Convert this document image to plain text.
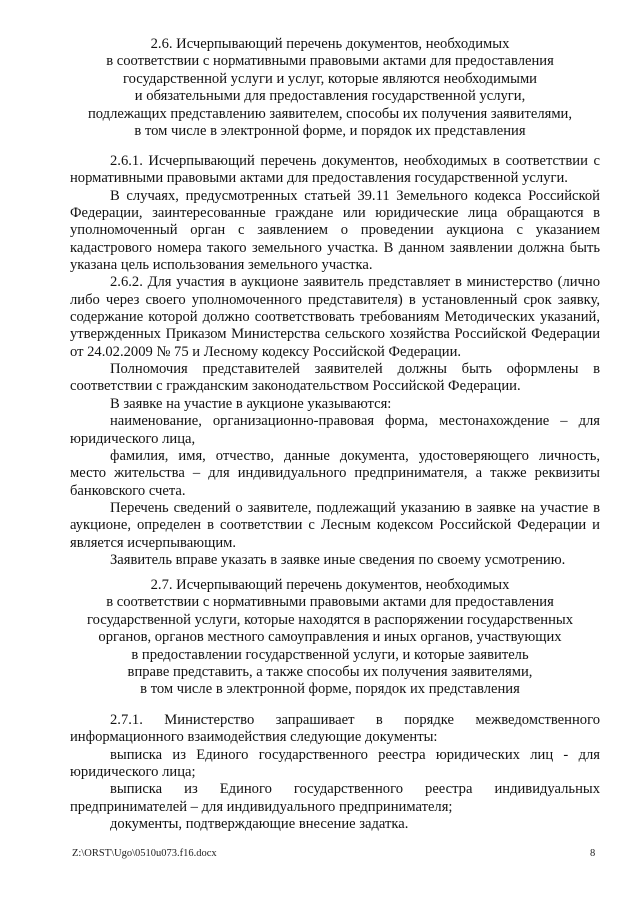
2.6. Исчерпывающий перечень документов, необходимых
в соответствии с нормативными правовыми актами для предоставления
государственной услуги и услуг, которые являются необходимыми
и обязательными для предоставления государственной услуги,
подлежащих представлению заявителем, способы их получения заявителями,
в том числе в электронной форме, и порядок их представления

2.6.1. Исчерпывающий перечень документов, необходимых в соответствии с нормативными правовыми актами для предоставления государственной услуги.

В случаях, предусмотренных статьей 39.11 Земельного кодекса Российской Федерации, заинтересованные граждане или юридические лица обращаются в уполномоченный орган с заявлением о проведении аукциона с указанием кадастрового номера такого земельного участка. В данном заявлении должна быть указана цель использования земельного участка.

2.6.2. Для участия в аукционе заявитель представляет в министерство (лично либо через своего уполномоченного представителя) в установленный срок заявку, содержание которой должно соответствовать требованиям Методических указаний, утвержденных Приказом Министерства сельского хозяйства Российской Федерации от 24.02.2009 № 75 и Лесному кодексу Российской Федерации.

Полномочия представителей заявителей должны быть оформлены в соответствии с гражданским законодательством Российской Федерации.

В заявке на участие в аукционе указываются:

наименование, организационно-правовая форма, местонахождение – для юридического лица,

фамилия, имя, отчество, данные документа, удостоверяющего личность, место жительства – для индивидуального предпринимателя, а также реквизиты банковского счета.

Перечень сведений о заявителе, подлежащий указанию в заявке на участие в аукционе, определен в соответствии с Лесным кодексом Российской Федерации и является исчерпывающим.

Заявитель вправе указать в заявке иные сведения по своему усмотрению.

2.7. Исчерпывающий перечень документов, необходимых
в соответствии с нормативными правовыми актами для предоставления
государственной услуги, которые находятся в распоряжении государственных
органов, органов местного самоуправления и иных органов, участвующих
в предоставлении государственной услуги, и которые заявитель
вправе представить, а также способы их получения заявителями,
в том числе в электронной форме, порядок их представления

2.7.1. Министерство запрашивает в порядке межведомственного информационного взаимодействия следующие документы:

выписка из Единого государственного реестра юридических лиц - для юридического лица;

выписка из Единого государственного реестра индивидуальных предпринимателей – для индивидуального предпринимателя;

документы, подтверждающие внесение задатка.

Z:\ORST\Ugo\0510u073.f16.docx	8
